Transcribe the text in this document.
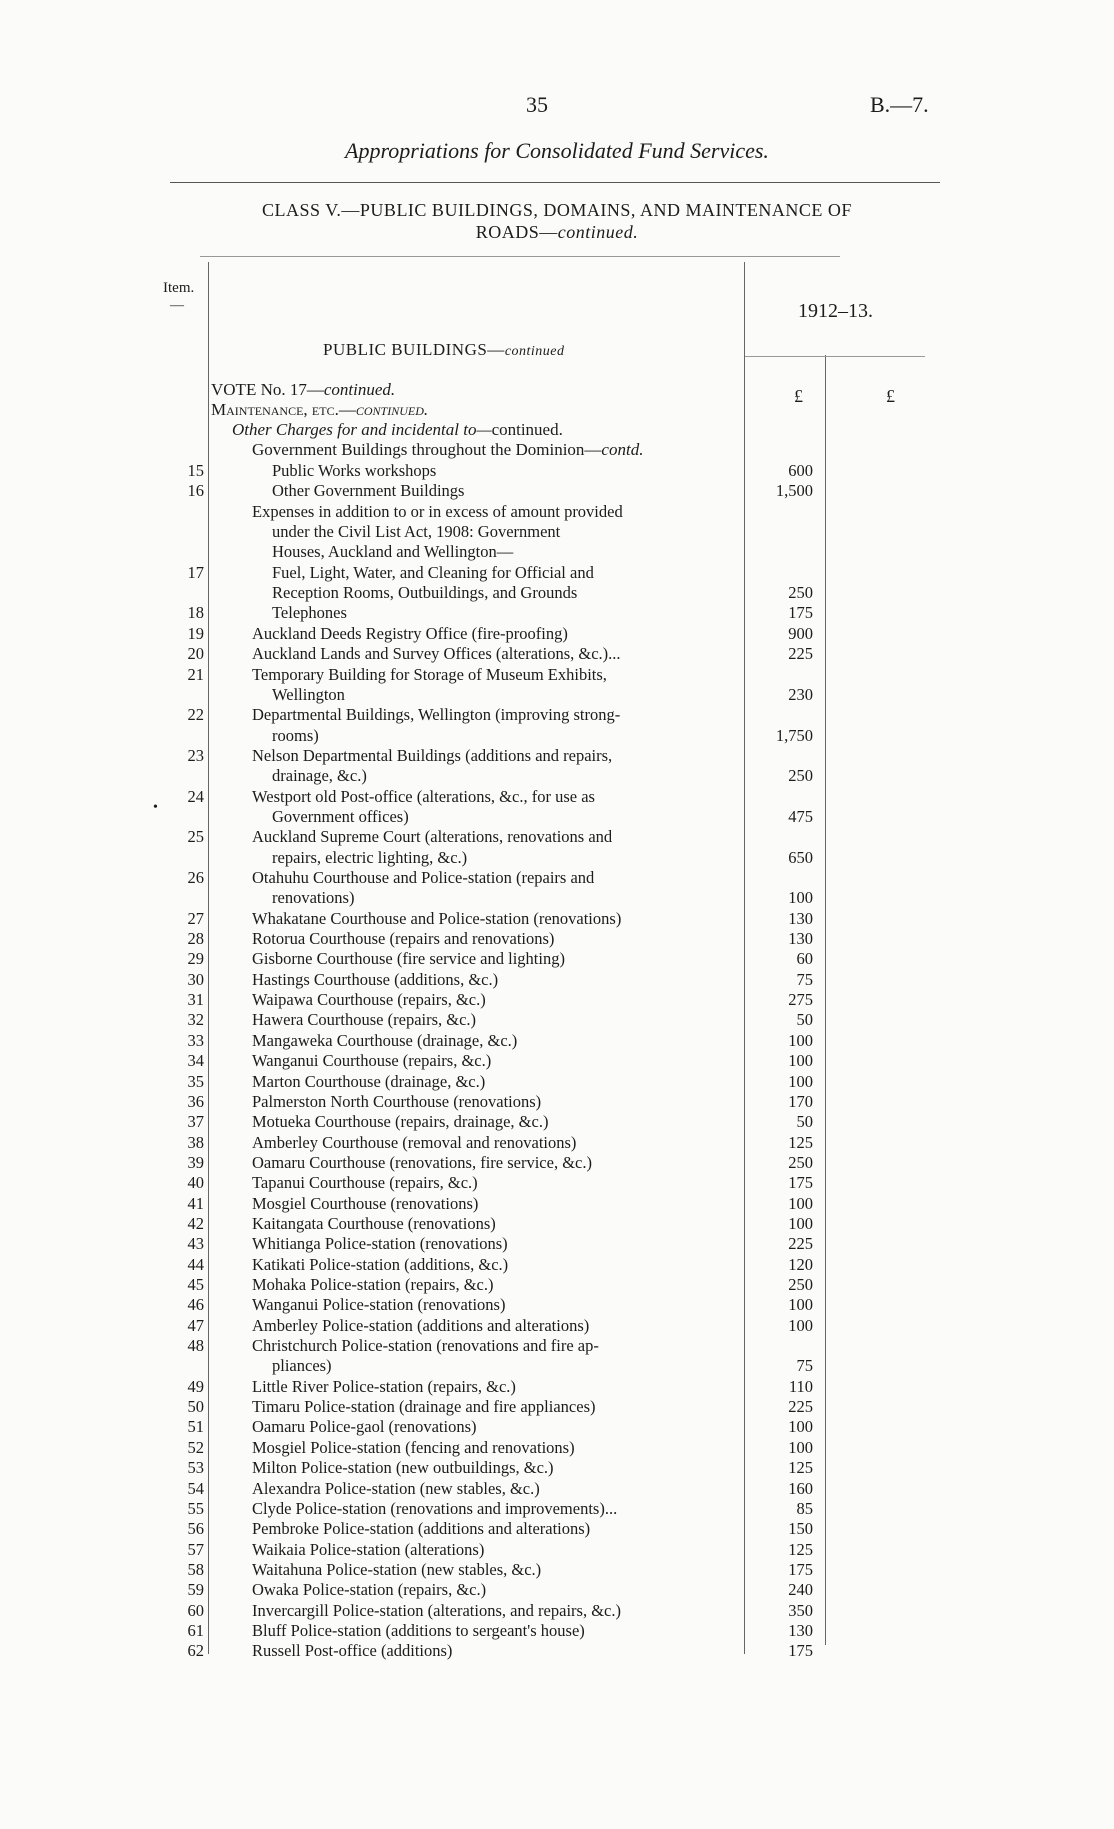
35	B.—7.
Appropriations for Consolidated Fund Services.
CLASS V.—PUBLIC BUILDINGS, DOMAINS, AND MAINTENANCE OF
ROADS—continued.
Item.
—	1912–13.
PUBLIC BUILDINGS—continued
£	£
VOTE No. 17—continued.
Maintenance, etc.—continued.
Other Charges for and incidental to—continued.
Government Buildings throughout the Dominion—contd.
15	Public Works workshops	600
16	Other Government Buildings	1,500
Expenses in addition to or in excess of amount provided
under the Civil List Act, 1908: Government
Houses, Auckland and Wellington—
17	Fuel, Light, Water, and Cleaning for Official and
Reception Rooms, Outbuildings, and Grounds	250
18	Telephones	175
19	Auckland Deeds Registry Office (fire-proofing)	900
20	Auckland Lands and Survey Offices (alterations, &c.)...	225
21	Temporary Building for Storage of Museum Exhibits,
Wellington	230
22	Departmental Buildings, Wellington (improving strong-
rooms)	1,750
23	Nelson Departmental Buildings (additions and repairs,
drainage, &c.)	250
24	Westport old Post-office (alterations, &c., for use as
Government offices)	475
25	Auckland Supreme Court (alterations, renovations and
repairs, electric lighting, &c.)	650
26	Otahuhu Courthouse and Police-station (repairs and
renovations)	100
27	Whakatane Courthouse and Police-station (renovations)	130
28	Rotorua Courthouse (repairs and renovations)	130
29	Gisborne Courthouse (fire service and lighting)	60
30	Hastings Courthouse (additions, &c.)	75
31	Waipawa Courthouse (repairs, &c.)	275
32	Hawera Courthouse (repairs, &c.)	50
33	Mangaweka Courthouse (drainage, &c.)	100
34	Wanganui Courthouse (repairs, &c.)	100
35	Marton Courthouse (drainage, &c.)	100
36	Palmerston North Courthouse (renovations)	170
37	Motueka Courthouse (repairs, drainage, &c.)	50
38	Amberley Courthouse (removal and renovations)	125
39	Oamaru Courthouse (renovations, fire service, &c.)	250
40	Tapanui Courthouse (repairs, &c.)	175
41	Mosgiel Courthouse (renovations)	100
42	Kaitangata Courthouse (renovations)	100
43	Whitianga Police-station (renovations)	225
44	Katikati Police-station (additions, &c.)	120
45	Mohaka Police-station (repairs, &c.)	250
46	Wanganui Police-station (renovations)	100
47	Amberley Police-station (additions and alterations)	100
48	Christchurch Police-station (renovations and fire ap-
pliances)	75
49	Little River Police-station (repairs, &c.)	110
50	Timaru Police-station (drainage and fire appliances)	225
51	Oamaru Police-gaol (renovations)	100
52	Mosgiel Police-station (fencing and renovations)	100
53	Milton Police-station (new outbuildings, &c.)	125
54	Alexandra Police-station (new stables, &c.)	160
55	Clyde Police-station (renovations and improvements)...	85
56	Pembroke Police-station (additions and alterations)	150
57	Waikaia Police-station (alterations)	125
58	Waitahuna Police-station (new stables, &c.)	175
59	Owaka Police-station (repairs, &c.)	240
60	Invercargill Police-station (alterations, and repairs, &c.)	350
61	Bluff Police-station (additions to sergeant's house)	130
62	Russell Post-office (additions)	175
•
